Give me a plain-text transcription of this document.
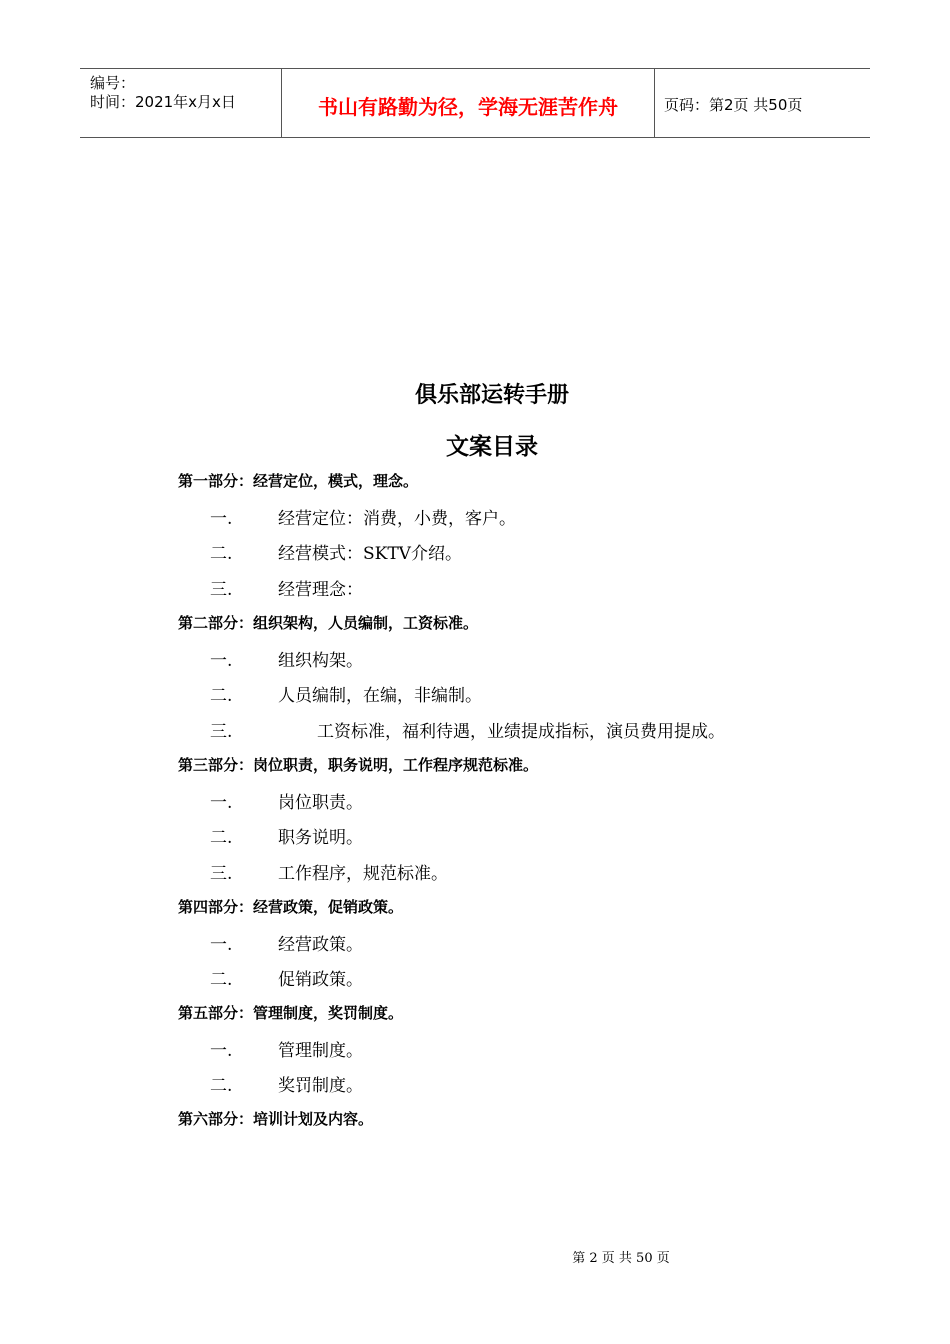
编号：
时间：2021年x月x日	书山有路勤为径，学海无涯苦作舟	页码：第2页 共50页
俱乐部运转手册
文案目录
第一部分：经营定位，模式，理念。
一.	经营定位：消费，小费，客户。
二.	经营模式：SKTV介绍。
三.	经营理念：
第二部分：组织架构，人员编制，工资标准。
一.	组织构架。
二.	人员编制，在编，非编制。
三.	工资标准，福利待遇，业绩提成指标，演员费用提成。
第三部分：岗位职责，职务说明，工作程序规范标准。
一.	岗位职责。
二.	职务说明。
三.	工作程序，规范标准。
第四部分：经营政策，促销政策。
一.	经营政策。
二.	促销政策。
第五部分：管理制度，奖罚制度。
一.	管理制度。
二.	奖罚制度。
第六部分：培训计划及内容。
第 2 页 共 50 页
